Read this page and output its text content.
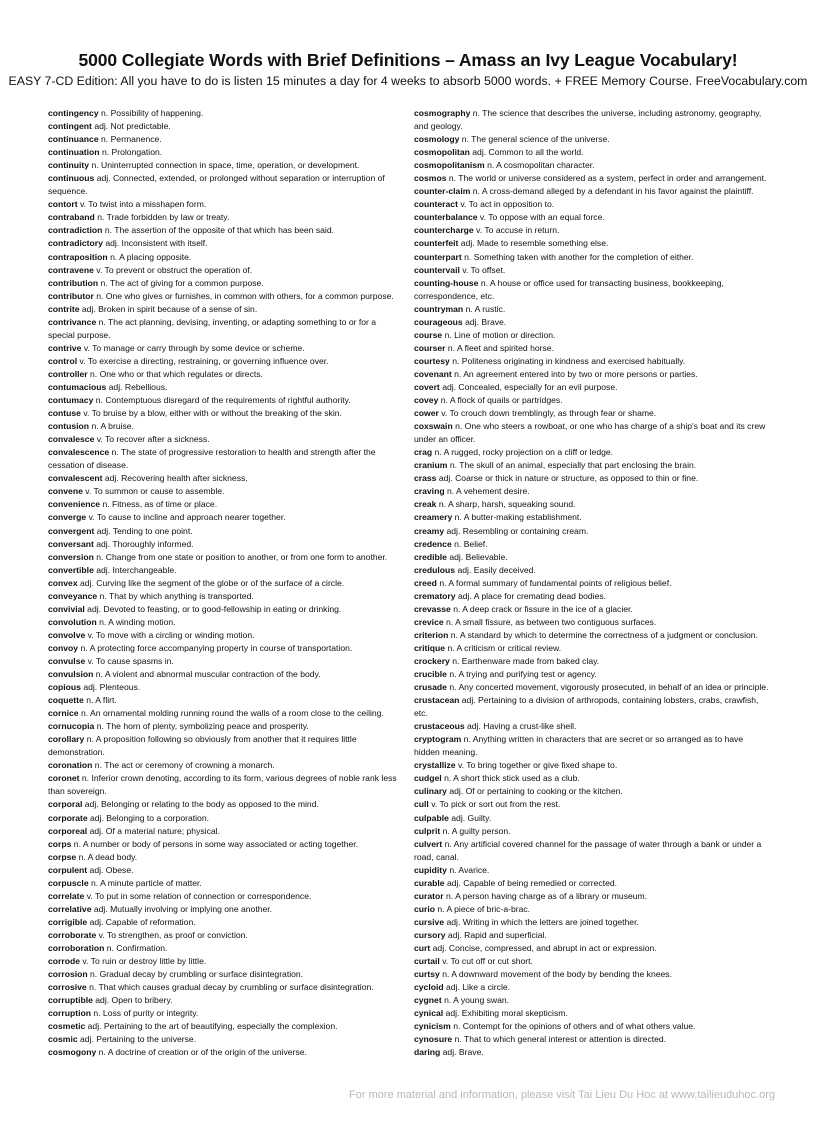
5000 Collegiate Words with Brief Definitions – Amass an Ivy League Vocabulary!

EASY 7-CD Edition: All you have to do is listen 15 minutes a day for 4 weeks to absorb 5000 words. + FREE Memory Course. FreeVocabulary.com

contingency n. Possibility of happening.

contingent adj. Not predictable.

continuance n. Permanence.

continuation n. Prolongation.

continuity n. Uninterrupted connection in space, time, operation, or development.

continuous adj. Connected, extended, or prolonged without separation or interruption of sequence.

contort v. To twist into a misshapen form.

contraband n. Trade forbidden by law or treaty.

contradiction n. The assertion of the opposite of that which has been said.

contradictory adj. Inconsistent with itself.

contraposition n. A placing opposite.

contravene v. To prevent or obstruct the operation of.

contribution n. The act of giving for a common purpose.

contributor n. One who gives or furnishes, in common with others, for a common purpose.

contrite adj. Broken in spirit because of a sense of sin.

contrivance n. The act planning, devising, inventing, or adapting something to or for a special purpose.

contrive v. To manage or carry through by some device or scheme.

control v. To exercise a directing, restraining, or governing influence over.

controller n. One who or that which regulates or directs.

contumacious adj. Rebellious.

contumacy n. Contemptuous disregard of the requirements of rightful authority.

contuse v. To bruise by a blow, either with or without the breaking of the skin.

contusion n. A bruise.

convalesce v. To recover after a sickness.

convalescence n. The state of progressive restoration to health and strength after the cessation of disease.

convalescent adj. Recovering health after sickness.

convene v. To summon or cause to assemble.

convenience n. Fitness, as of time or place.

converge v. To cause to incline and approach nearer together.

convergent adj. Tending to one point.

conversant adj. Thoroughly informed.

conversion n. Change from one state or position to another, or from one form to another.

convertible adj. Interchangeable.

convex adj. Curving like the segment of the globe or of the surface of a circle.

conveyance n. That by which anything is transported.

convivial adj. Devoted to feasting, or to good-fellowship in eating or drinking.

convolution n. A winding motion.

convolve v. To move with a circling or winding motion.

convoy n. A protecting force accompanying property in course of transportation.

convulse v. To cause spasms in.

convulsion n. A violent and abnormal muscular contraction of the body.

copious adj. Plenteous.

coquette n. A flirt.

cornice n. An ornamental molding running round the walls of a room close to the ceiling.

cornucopia n. The horn of plenty, symbolizing peace and prosperity.

corollary n. A proposition following so obviously from another that it requires little demonstration.

coronation n. The act or ceremony of crowning a monarch.

coronet n. Inferior crown denoting, according to its form, various degrees of noble rank less than sovereign.

corporal adj. Belonging or relating to the body as opposed to the mind.

corporate adj. Belonging to a corporation.

corporeal adj. Of a material nature; physical.

corps n. A number or body of persons in some way associated or acting together.

corpse n. A dead body.

corpulent adj. Obese.

corpuscle n. A minute particle of matter.

correlate v. To put in some relation of connection or correspondence.

correlative adj. Mutually involving or implying one another.

corrigible adj. Capable of reformation.

corroborate v. To strengthen, as proof or conviction.

corroboration n. Confirmation.

corrode v. To ruin or destroy little by little.

corrosion n. Gradual decay by crumbling or surface disintegration.

corrosive n. That which causes gradual decay by crumbling or surface disintegration.

corruptible adj. Open to bribery.

corruption n. Loss of purity or integrity.

cosmetic adj. Pertaining to the art of beautifying, especially the complexion.

cosmic adj. Pertaining to the universe.

cosmogony n. A doctrine of creation or of the origin of the universe.

cosmography n. The science that describes the universe, including astronomy, geography, and geology.

cosmology n. The general science of the universe.

cosmopolitan adj. Common to all the world.

cosmopolitanism n. A cosmopolitan character.

cosmos n. The world or universe considered as a system, perfect in order and arrangement.

counter-claim n. A cross-demand alleged by a defendant in his favor against the plaintiff.

counteract v. To act in opposition to.

counterbalance v. To oppose with an equal force.

countercharge v. To accuse in return.

counterfeit adj. Made to resemble something else.

counterpart n. Something taken with another for the completion of either.

countervail v. To offset.

counting-house n. A house or office used for transacting business, bookkeeping, correspondence, etc.

countryman n. A rustic.

courageous adj. Brave.

course n. Line of motion or direction.

courser n. A fleet and spirited horse.

courtesy n. Politeness originating in kindness and exercised habitually.

covenant n. An agreement entered into by two or more persons or parties.

covert adj. Concealed, especially for an evil purpose.

covey n. A flock of quails or partridges.

cower v. To crouch down tremblingly, as through fear or shame.

coxswain n. One who steers a rowboat, or one who has charge of a ship's boat and its crew under an officer.

crag n. A rugged, rocky projection on a cliff or ledge.

cranium n. The skull of an animal, especially that part enclosing the brain.

crass adj. Coarse or thick in nature or structure, as opposed to thin or fine.

craving n. A vehement desire.

creak n. A sharp, harsh, squeaking sound.

creamery n. A butter-making establishment.

creamy adj. Resembling or containing cream.

credence n. Belief.

credible adj. Believable.

credulous adj. Easily deceived.

creed n. A formal summary of fundamental points of religious belief.

crematory adj. A place for cremating dead bodies.

crevasse n. A deep crack or fissure in the ice of a glacier.

crevice n. A small fissure, as between two contiguous surfaces.

criterion n. A standard by which to determine the correctness of a judgment or conclusion.

critique n. A criticism or critical review.

crockery n. Earthenware made from baked clay.

crucible n. A trying and purifying test or agency.

crusade n. Any concerted movement, vigorously prosecuted, in behalf of an idea or principle.

crustacean adj. Pertaining to a division of arthropods, containing lobsters, crabs, crawfish, etc.

crustaceous adj. Having a crust-like shell.

cryptogram n. Anything written in characters that are secret or so arranged as to have hidden meaning.

crystallize v. To bring together or give fixed shape to.

cudgel n. A short thick stick used as a club.

culinary adj. Of or pertaining to cooking or the kitchen.

cull v. To pick or sort out from the rest.

culpable adj. Guilty.

culprit n. A guilty person.

culvert n. Any artificial covered channel for the passage of water through a bank or under a road, canal.

cupidity n. Avarice.

curable adj. Capable of being remedied or corrected.

curator n. A person having charge as of a library or museum.

curio n. A piece of bric-a-brac.

cursive adj. Writing in which the letters are joined together.

cursory adj. Rapid and superficial.

curt adj. Concise, compressed, and abrupt in act or expression.

curtail v. To cut off or cut short.

curtsy n. A downward movement of the body by bending the knees.

cycloid adj. Like a circle.

cygnet n. A young swan.

cynical adj. Exhibiting moral skepticism.

cynicism n. Contempt for the opinions of others and of what others value.

cynosure n. That to which general interest or attention is directed.

daring adj. Brave.

For more material and information, please visit Tai Lieu Du Hoc at www.tailieuduhoc.org
